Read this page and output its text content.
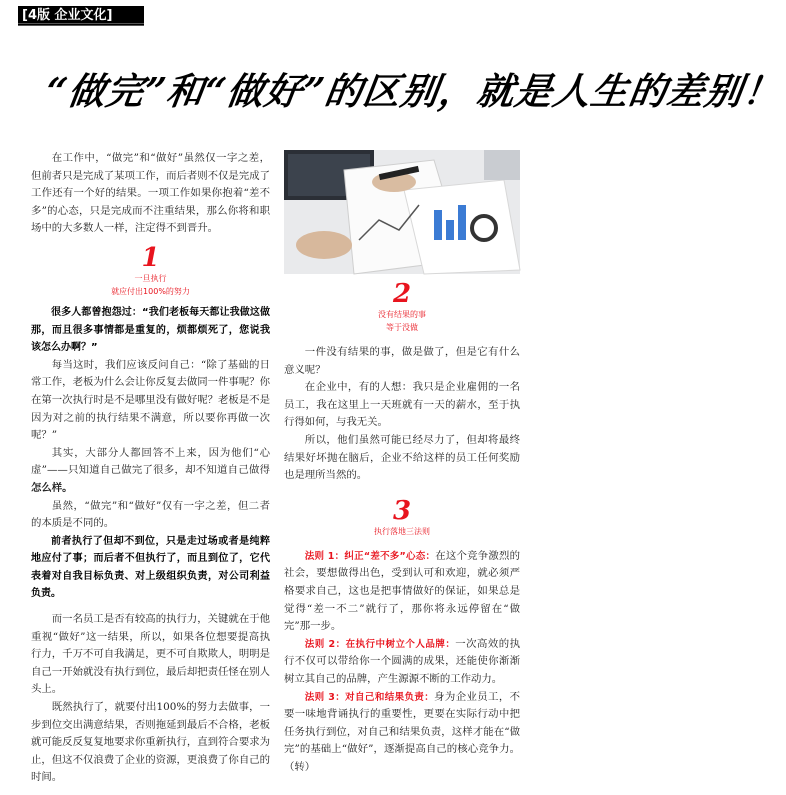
[4版 企业文化]
“做完”和“做好”的区别，就是人生的差别！

在工作中，“做完”和“做好”虽然仅一字之差，但前者只是完成了某项工作，而后者则不仅是完成了工作还有一个好的结果。一项工作如果你抱着“差不多”的心态，只是完成而不注重结果，那么你将和职场中的大多数人一样，注定得不到晋升。

1
一旦执行
就应付出100%的努力

很多人都曾抱怨过：“我们老板每天都让我做这做那，而且很多事情都是重复的，烦都烦死了，您说我该怎么办啊？”

每当这时，我们应该反问自己：“除了基础的日常工作，老板为什么会让你反复去做同一件事呢？你在第一次执行时是不是哪里没有做好呢？老板是不是因为对之前的执行结果不满意，所以要你再做一次呢？”

其实，大部分人都回答不上来，因为他们“心虚”——只知道自己做完了很多，却不知道自己做得怎么样。

虽然，“做完”和“做好”仅有一字之差，但二者的本质是不同的。

前者执行了但却不到位，只是走过场或者是纯粹地应付了事；而后者不但执行了，而且到位了，它代表着对自我目标负责、对上级组织负责，对公司利益负责。

而一名员工是否有较高的执行力，关键就在于他重视“做好”这一结果，所以，如果各位想要提高执行力，千万不可自我满足，更不可自欺欺人，明明是自己一开始就没有执行到位，最后却把责任怪在别人头上。

既然执行了，就要付出100%的努力去做事，一步到位交出满意结果，否则拖延到最后不合格，老板就可能反反复复地要求你重新执行，直到符合要求为止，但这不仅浪费了企业的资源，更浪费了你自己的时间。

2
没有结果的事
等于没做

一件没有结果的事，做是做了，但是它有什么意义呢？

在企业中，有的人想：我只是企业雇佣的一名员工，我在这里上一天班就有一天的薪水，至于执行得如何，与我无关。

所以，他们虽然可能已经尽力了，但却将最终结果好坏抛在脑后，企业不给这样的员工任何奖励也是理所当然的。

3
执行落地三法则

法则 1：纠正“差不多”心态：在这个竞争激烈的社会，要想做得出色，受到认可和欢迎，就必须严格要求自己，这也是把事情做好的保证，如果总是觉得“差一不二”就行了，那你将永远停留在“做完”那一步。

法则 2：在执行中树立个人品牌：一次高效的执行不仅可以带给你一个圆满的成果，还能使你渐渐树立其自己的品牌，产生源源不断的工作动力。

法则 3：对自己和结果负责：身为企业员工，不要一味地背诵执行的重要性，更要在实际行动中把任务执行到位，对自己和结果负责，这样才能在“做完”的基础上“做好”，逐渐提高自己的核心竞争力。（转）
